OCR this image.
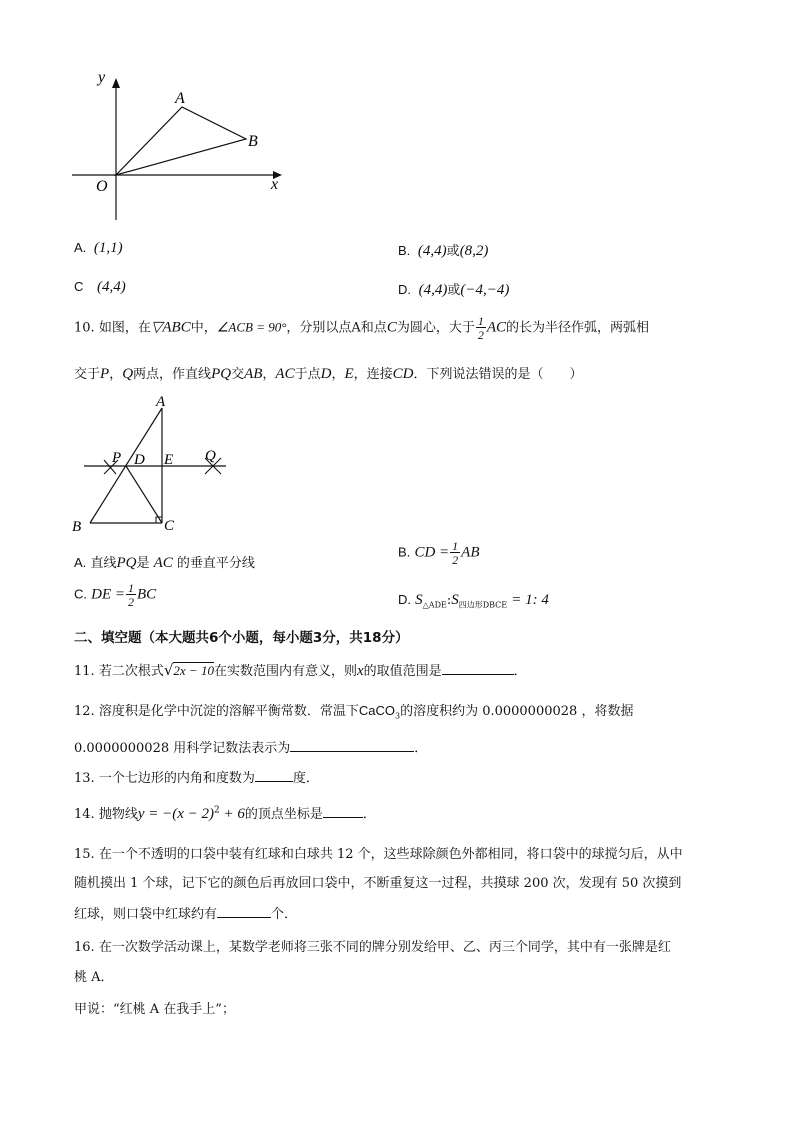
y
x
O
A
B
A. (1,1)	B. (4,4)或(8,2)
C (4,4)	D. (4,4)或(−4,−4)
10. 如图，在▽ABC中，∠ACB = 90°，分别以点A和点C为圆心，大于 $\frac{1}{2}$ AC的长为半径作弧，两弧相
交于P，Q两点，作直线PQ交AB，AC于点D，E，连接CD．下列说法错误的是（　　）
A
B	C
P D E Q
A. 直线PQ是 AC 的垂直平分线
B. CD = $\frac{1}{2}$ AB
C. DE = $\frac{1}{2}$ BC	D. $S_{\triangle ADE}:S_{四边形DBCE} = 1$: 4
二、填空题（本大题共6个小题，每小题3分，共18分）
11. 若二次根式√2x − 10在实数范围内有意义，则x的取值范围是	．
12. 溶度积是化学中沉淀的溶解平衡常数．常温下CaCO$_3$的溶度积约为 0.0000000028 ，将数据
0.0000000028 用科学记数法表示为	．
13. 一个七边形的内角和度数为	度．
14. 抛物线$y = -(x - 2)^2 + 6$的顶点坐标是	．
15. 在一个不透明的口袋中装有红球和白球共 12 个，这些球除颜色外都相同，将口袋中的球搅匀后，从中
随机摸出 1 个球，记下它的颜色后再放回口袋中，不断重复这一过程，共摸球 200 次，发现有 50 次摸到
红球，则口袋中红球约有	个．
16. 在一次数学活动课上，某数学老师将三张不同的牌分别发给甲、乙、丙三个同学，其中有一张牌是红
桃 A．
甲说：“红桃 A 在我手上”；
